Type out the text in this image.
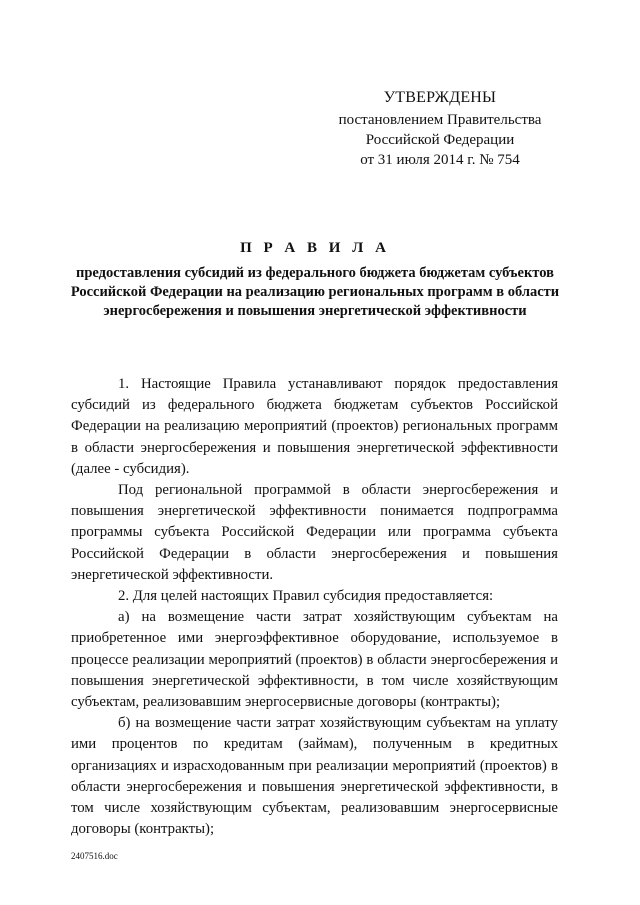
УТВЕРЖДЕНЫ
постановлением Правительства
Российской Федерации
от 31 июля 2014 г. № 754
П Р А В И Л А
предоставления субсидий из федерального бюджета бюджетам субъектов Российской Федерации на реализацию региональных программ в области энергосбережения и повышения энергетической эффективности

1. Настоящие Правила устанавливают порядок предоставления субсидий из федерального бюджета бюджетам субъектов Российской Федерации на реализацию мероприятий (проектов) региональных программ в области энергосбережения и повышения энергетической эффективности (далее - субсидия).

Под региональной программой в области энергосбережения и повышения энергетической эффективности понимается подпрограмма программы субъекта Российской Федерации или программа субъекта Российской Федерации в области энергосбережения и повышения энергетической эффективности.

2. Для целей настоящих Правил субсидия предоставляется:

а) на возмещение части затрат хозяйствующим субъектам на приобретенное ими энергоэффективное оборудование, используемое в процессе реализации мероприятий (проектов) в области энергосбережения и повышения энергетической эффективности, в том числе хозяйствующим субъектам, реализовавшим энергосервисные договоры (контракты);

б) на возмещение части затрат хозяйствующим субъектам на уплату ими процентов по кредитам (займам), полученным в кредитных организациях и израсходованным при реализации мероприятий (проектов) в области энергосбережения и повышения энергетической эффективности, в том числе хозяйствующим субъектам, реализовавшим энергосервисные договоры (контракты);

2407516.doc
